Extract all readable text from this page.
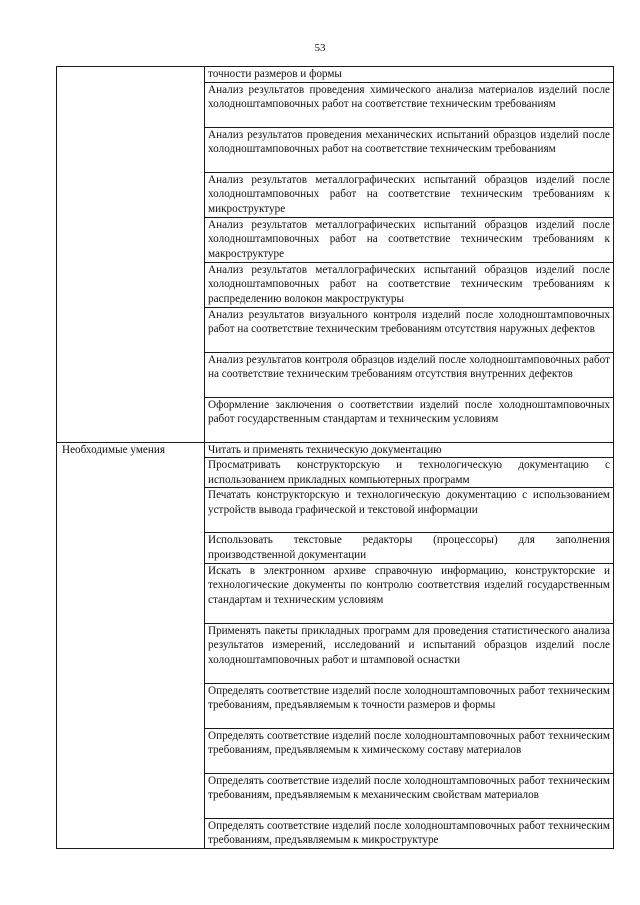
53
	точности размеров и формы
	Анализ результатов проведения химического анализа материалов изделий после холодноштамповочных работ на соответствие техническим требованиям
	Анализ результатов проведения механических испытаний образцов изделий после холодноштамповочных работ на соответствие техническим требованиям
	Анализ результатов металлографических испытаний образцов изделий после холодноштамповочных работ на соответствие техническим требованиям к микроструктуре
	Анализ результатов металлографических испытаний образцов изделий после холодноштамповочных работ на соответствие техническим требованиям к макроструктуре
	Анализ результатов металлографических испытаний образцов изделий после холодноштамповочных работ на соответствие техническим требованиям к распределению волокон макроструктуры
	Анализ результатов визуального контроля изделий после холодноштамповочных работ на соответствие техническим требованиям отсутствия наружных дефектов
	Анализ результатов контроля образцов изделий после холодноштамповочных работ на соответствие техническим требованиям отсутствия внутренних дефектов
	Оформление заключения о соответствии изделий после холодноштамповочных работ государственным стандартам и техническим условиям
Необходимые умения	Читать и применять техническую документацию
	Просматривать конструкторскую и технологическую документацию с использованием прикладных компьютерных программ
	Печатать конструкторскую и технологическую документацию с использованием устройств вывода графической и текстовой информации
	Использовать текстовые редакторы (процессоры) для заполнения производственной документации
	Искать в электронном архиве справочную информацию, конструкторские и технологические документы по контролю соответствия изделий государственным стандартам и техническим условиям
	Применять пакеты прикладных программ для проведения статистического анализа результатов измерений, исследований и испытаний образцов изделий после холодноштамповочных работ и штамповой оснастки
	Определять соответствие изделий после холодноштамповочных работ техническим требованиям, предъявляемым к точности размеров и формы
	Определять соответствие изделий после холодноштамповочных работ техническим требованиям, предъявляемым к химическому составу материалов
	Определять соответствие изделий после холодноштамповочных работ техническим требованиям, предъявляемым к механическим свойствам материалов
	Определять соответствие изделий после холодноштамповочных работ техническим требованиям, предъявляемым к микроструктуре
